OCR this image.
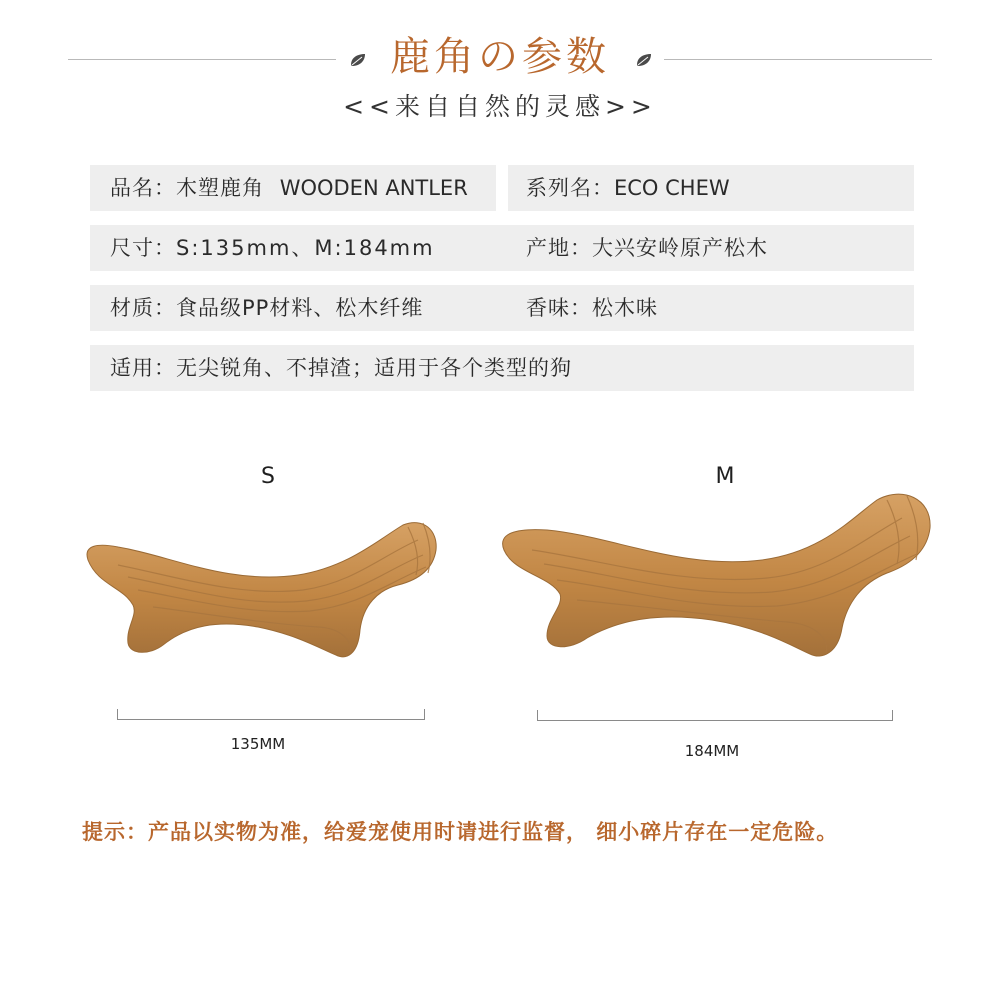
鹿角の参数
<<来自自然的灵感>>
品名：木塑鹿角 WOODEN ANTLER	系列名：ECO CHEW
尺寸：S:135mm、M:184mm	产地：大兴安岭原产松木
材质：食品级PP材料、松木纤维	香味：松木味
适用：无尖锐角、不掉渣；适用于各个类型的狗
S	M
135MM	184MM
提示：产品以实物为准，给爱宠使用时请进行监督， 细小碎片存在一定危险。
